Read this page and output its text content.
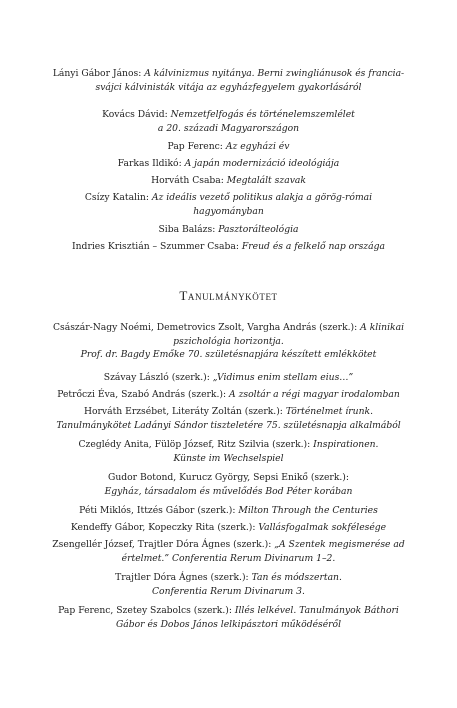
Lányi Gábor János: A kálvinizmus nyitánya. Berni zwingliánusok és francia-
svájci kálvinisták vitája az egyházfegyelem gyakorlásáról
Kovács Dávid: Nemzetfelfogás és történelemszemlélet
a 20. századi Magyarországon
Pap Ferenc: Az egyházi év
Farkas Ildikó: A japán modernizáció ideológiája
Horváth Csaba: Megtalált szavak
Csízy Katalin: Az ideális vezető politikus alakja a görög-római
hagyományban
Siba Balázs: Pasztorálteológia
Indries Krisztián – Szummer Csaba: Freud és a felkelő nap országa
Tanulmánykötet
Császár-Nagy Noémi, Demetrovics Zsolt, Vargha András (szerk.): A klinikai
pszichológia horizontja.
Prof. dr. Bagdy Emőke 70. születésnapjára készített emlékkötet
Szávay László (szerk.): „Vidimus enim stellam eius…”
Petrőczi Éva, Szabó András (szerk.): A zsoltár a régi magyar irodalomban
Horváth Erzsébet, Literáty Zoltán (szerk.): Történelmet írunk.
Tanulmánykötet Ladányi Sándor tiszteletére 75. születésnapja alkalmából
Czeglédy Anita, Fülöp József, Ritz Szilvia (szerk.): Inspirationen.
Künste im Wechselspiel
Gudor Botond, Kurucz György, Sepsi Enikő (szerk.):
Egyház, társadalom és művelődés Bod Péter korában
Péti Miklós, Ittzés Gábor (szerk.): Milton Through the Centuries
Kendeffy Gábor, Kopeczky Rita (szerk.): Vallásfogalmak sokfélesége
Zsengellér József, Trajtler Dóra Ágnes (szerk.): „A Szentek megismerése ad
értelmet.” Conferentia Rerum Divinarum 1–2.
Trajtler Dóra Ágnes (szerk.): Tan és módszertan.
Conferentia Rerum Divinarum 3.
Pap Ferenc, Szetey Szabolcs (szerk.): Illés lelkével. Tanulmányok Báthori
Gábor és Dobos János lelkipásztori működéséről
